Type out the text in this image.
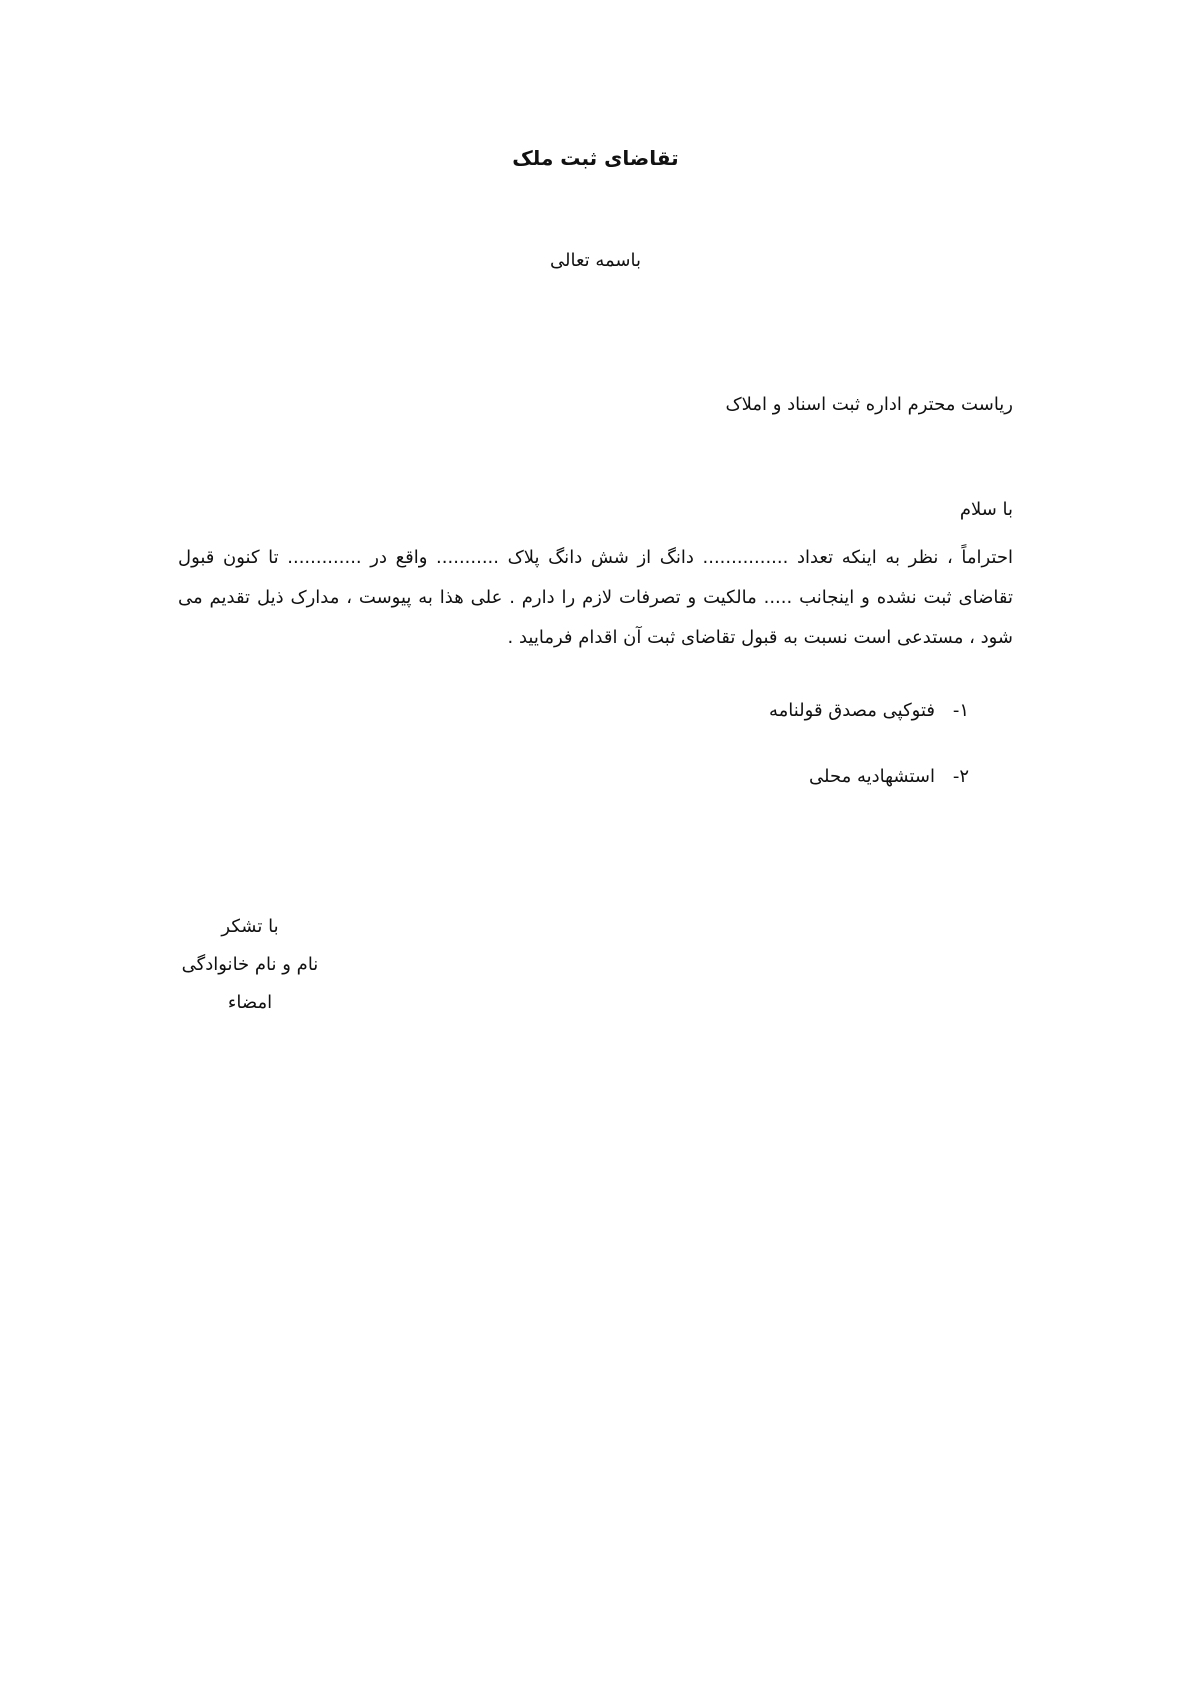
تقاضای ثبت ملک
باسمه تعالی
ریاست محترم اداره ثبت اسناد و املاک
با سلام
احتراماً ، نظر به اینکه تعداد ............... دانگ از شش دانگ پلاک ........... واقع در ............. تا کنون قبول تقاضای ثبت نشده و اینجانب ..... مالکیت و تصرفات لازم را دارم . علی هذا به پیوست ، مدارک ذیل تقدیم می شود ، مستدعی است نسبت به قبول تقاضای ثبت آن اقدام فرمایید .
۱-
فتوکپی مصدق قولنامه
۲-
استشهادیه محلی
با تشکر
نام و نام خانوادگی
امضاء
